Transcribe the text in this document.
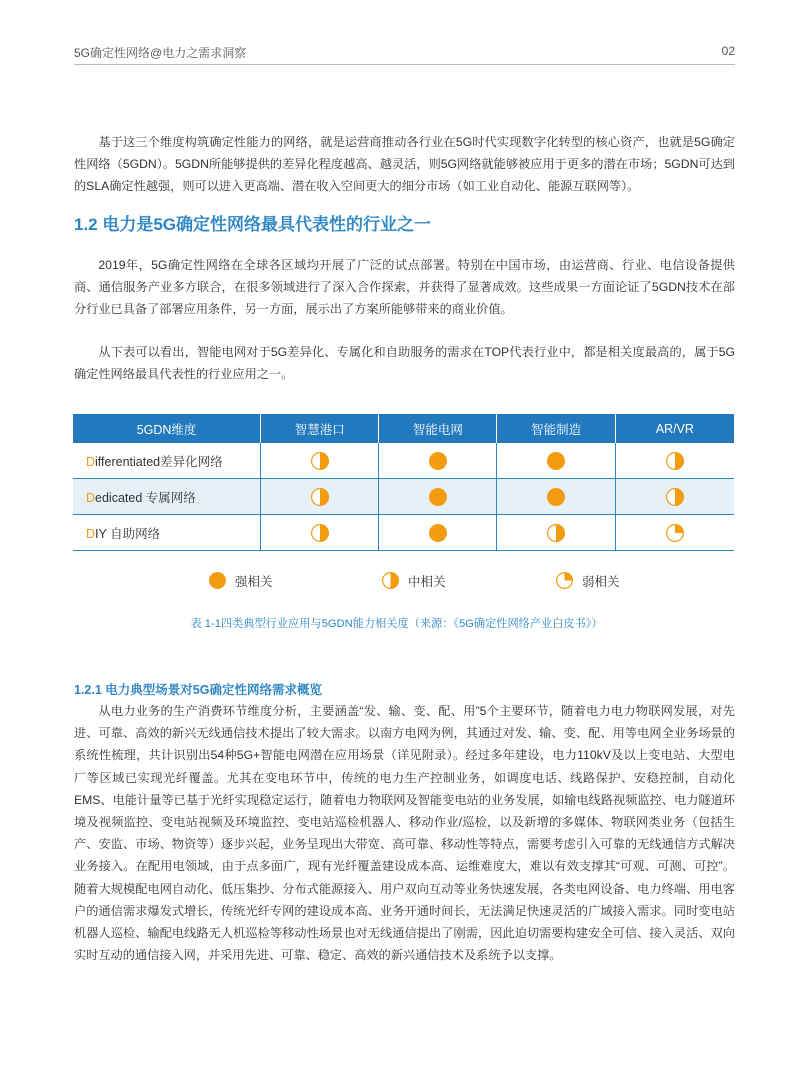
5G确定性网络@电力之需求洞察	02

基于这三个维度构筑确定性能力的网络，就是运营商推动各行业在5G时代实现数字化转型的核心资产，也就是5G确定性网络（5GDN）。5GDN所能够提供的差异化程度越高、越灵活，则5G网络就能够被应用于更多的潜在市场；5GDN可达到的SLA确定性越强，则可以进入更高端、潜在收入空间更大的细分市场（如工业自动化、能源互联网等）。

1.2 电力是5G确定性网络最具代表性的行业之一

2019年，5G确定性网络在全球各区域均开展了广泛的试点部署。特别在中国市场，由运营商、行业、电信设备提供商、通信服务产业多方联合，在很多领域进行了深入合作探索，并获得了显著成效。这些成果一方面论证了5GDN技术在部分行业已具备了部署应用条件，另一方面，展示出了方案所能够带来的商业价值。

从下表可以看出，智能电网对于5G差异化、专属化和自助服务的需求在TOP代表行业中，都是相关度最高的，属于5G确定性网络最具代表性的行业应用之一。

5GDN维度	智慧港口	智能电网	智能制造	AR/VR
Differentiated差异化网络	

Dedicated 专属网络	

DIY 自助网络	

强相关	中相关	弱相关
表 1-1四类典型行业应用与5GDN能力相关度（来源：《5G确定性网络产业白皮书》）
1.2.1 电力典型场景对5G确定性网络需求概览

从电力业务的生产消费环节维度分析，主要涵盖“发、输、变、配、用”5个主要环节，随着电力电力物联网发展，对先进、可靠、高效的新兴无线通信技术提出了较大需求。以南方电网为例，其通过对发、输、变、配、用等电网全业务场景的系统性梳理，共计识别出54种5G+智能电网潜在应用场景（详见附录）。经过多年建设，电力110kV及以上变电站、大型电厂等区域已实现光纤覆盖。尤其在变电环节中，传统的电力生产控制业务，如调度电话、线路保护、安稳控制，自动化EMS、电能计量等已基于光纤实现稳定运行，随着电力物联网及智能变电站的业务发展，如输电线路视频监控、电力隧道环境及视频监控、变电站视频及环境监控、变电站巡检机器人、移动作业/巡检，以及新增的多媒体、物联网类业务（包括生产、安监、市场、物资等）逐步兴起，业务呈现出大带宽、高可靠、移动性等特点，需要考虑引入可靠的无线通信方式解决业务接入。在配用电领域，由于点多面广，现有光纤覆盖建设成本高、运维难度大，难以有效支撑其“可观、可测、可控”。随着大规模配电网自动化、低压集抄、分布式能源接入、用户双向互动等业务快速发展，各类电网设备、电力终端、用电客户的通信需求爆发式增长，传统光纤专网的建设成本高、业务开通时间长，无法满足快速灵活的广域接入需求。同时变电站机器人巡检、输配电线路无人机巡检等移动性场景也对无线通信提出了刚需，因此迫切需要构建安全可信、接入灵活、双向实时互动的通信接入网，并采用先进、可靠、稳定、高效的新兴通信技术及系统予以支撑。
